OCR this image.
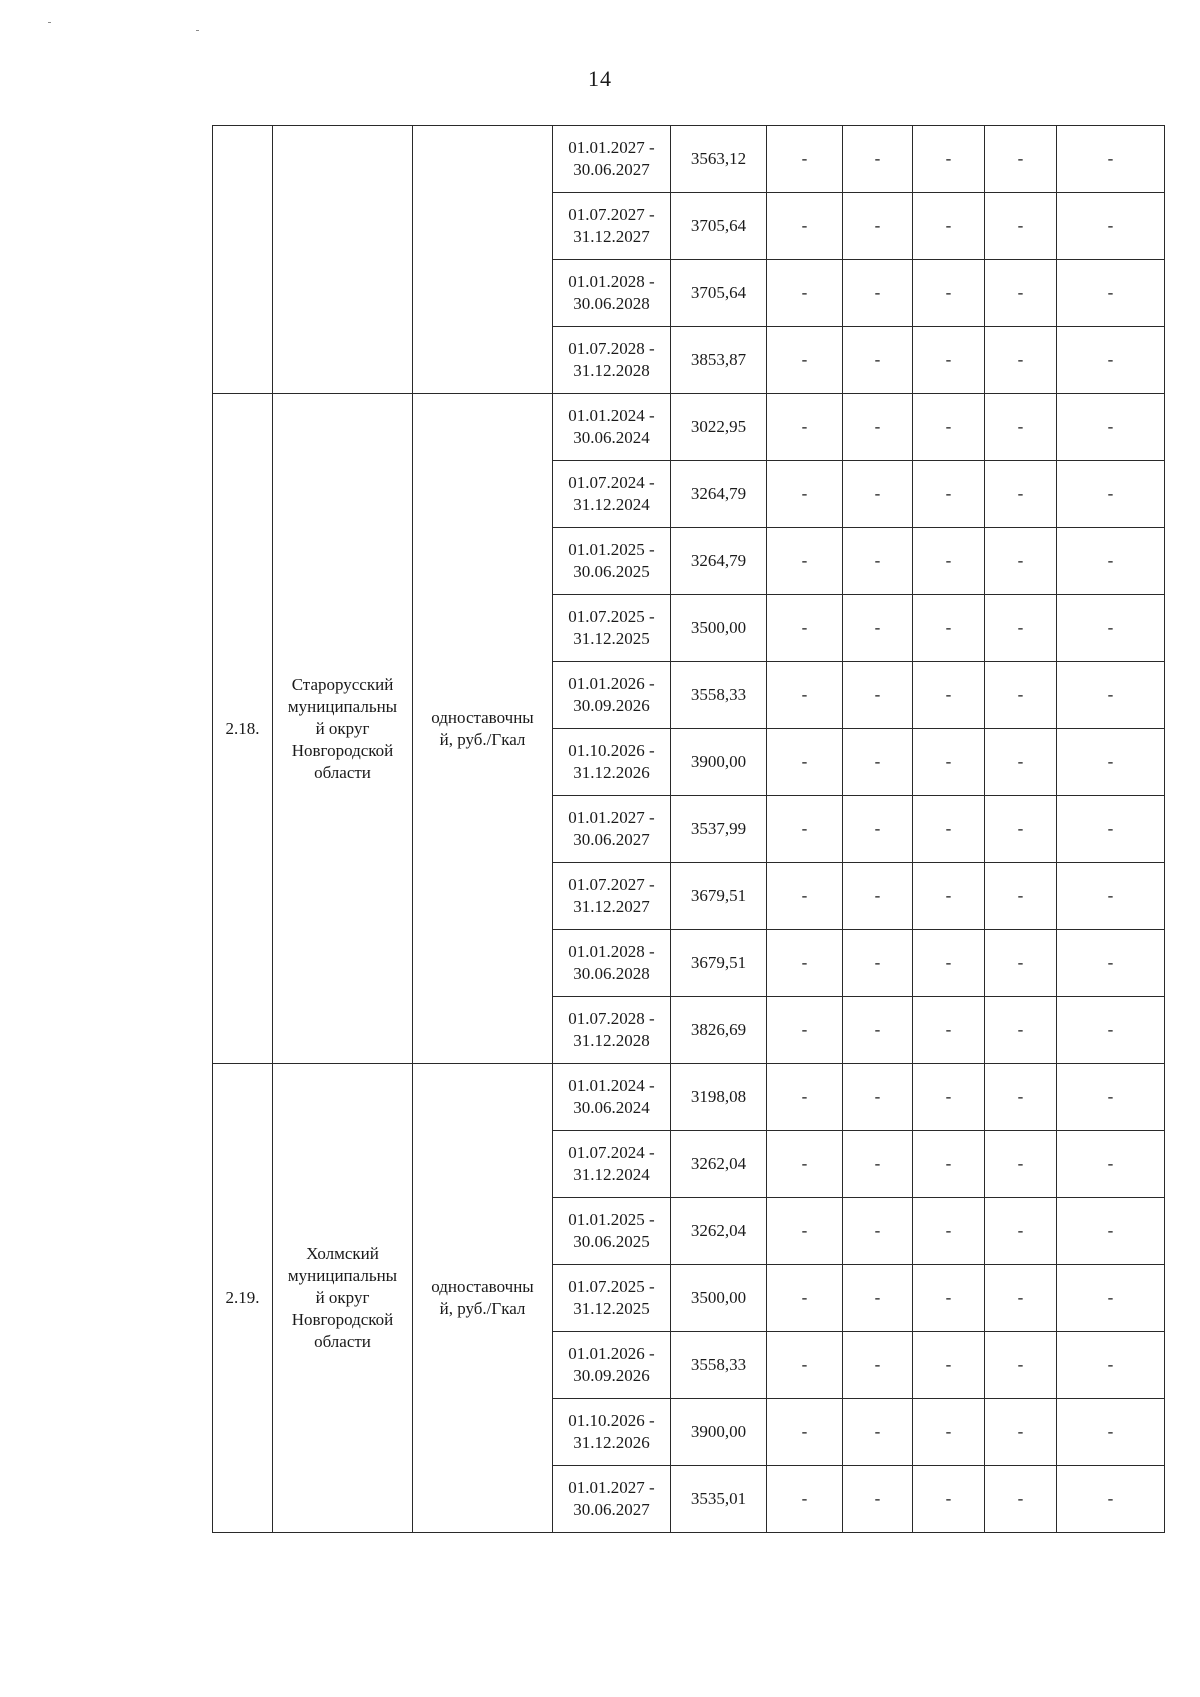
14
			01.01.2027 -
30.06.2027	3563,12	-	-	-	-	-
			01.07.2027 -
31.12.2027	3705,64	-	-	-	-	-
			01.01.2028 -
30.06.2028	3705,64	-	-	-	-	-
			01.07.2028 -
31.12.2028	3853,87	-	-	-	-	-
2.18.	Старорусский
муниципальны
й округ
Новгородской
области	одноставочны
й, руб./Гкал	01.01.2024 -
30.06.2024	3022,95	-	-	-	-	-
			01.07.2024 -
31.12.2024	3264,79	-	-	-	-	-
			01.01.2025 -
30.06.2025	3264,79	-	-	-	-	-
			01.07.2025 -
31.12.2025	3500,00	-	-	-	-	-
			01.01.2026 -
30.09.2026	3558,33	-	-	-	-	-
			01.10.2026 -
31.12.2026	3900,00	-	-	-	-	-
			01.01.2027 -
30.06.2027	3537,99	-	-	-	-	-
			01.07.2027 -
31.12.2027	3679,51	-	-	-	-	-
			01.01.2028 -
30.06.2028	3679,51	-	-	-	-	-
			01.07.2028 -
31.12.2028	3826,69	-	-	-	-	-
2.19.	Холмский
муниципальны
й округ
Новгородской
области	одноставочны
й, руб./Гкал	01.01.2024 -
30.06.2024	3198,08	-	-	-	-	-
			01.07.2024 -
31.12.2024	3262,04	-	-	-	-	-
			01.01.2025 -
30.06.2025	3262,04	-	-	-	-	-
			01.07.2025 -
31.12.2025	3500,00	-	-	-	-	-
			01.01.2026 -
30.09.2026	3558,33	-	-	-	-	-
			01.10.2026 -
31.12.2026	3900,00	-	-	-	-	-
			01.01.2027 -
30.06.2027	3535,01	-	-	-	-	-
